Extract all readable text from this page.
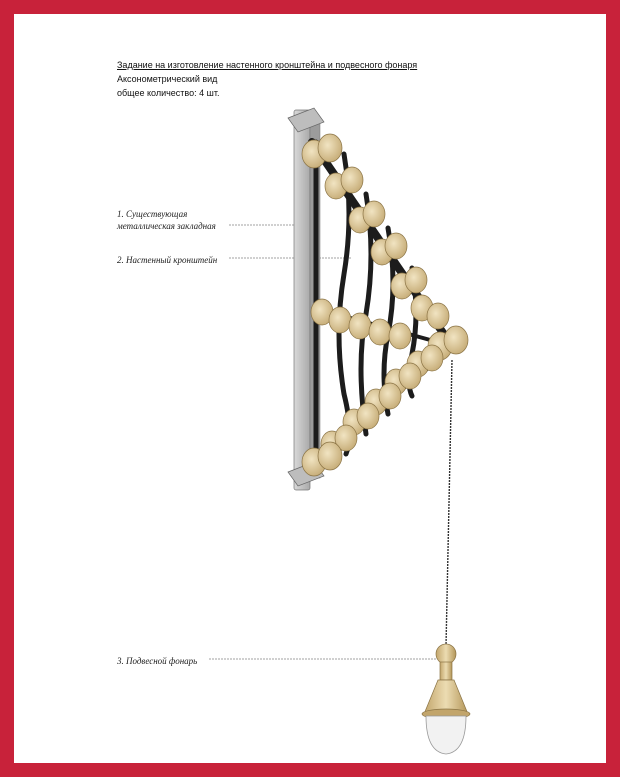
Задание на изготовление настенного кронштейна и подвесного фонаря
Аксонометрический вид
общее количество: 4 шт.
1. Существующая
металлическая закладная
2. Настенный кронштейн
3. Подвесной фонарь
